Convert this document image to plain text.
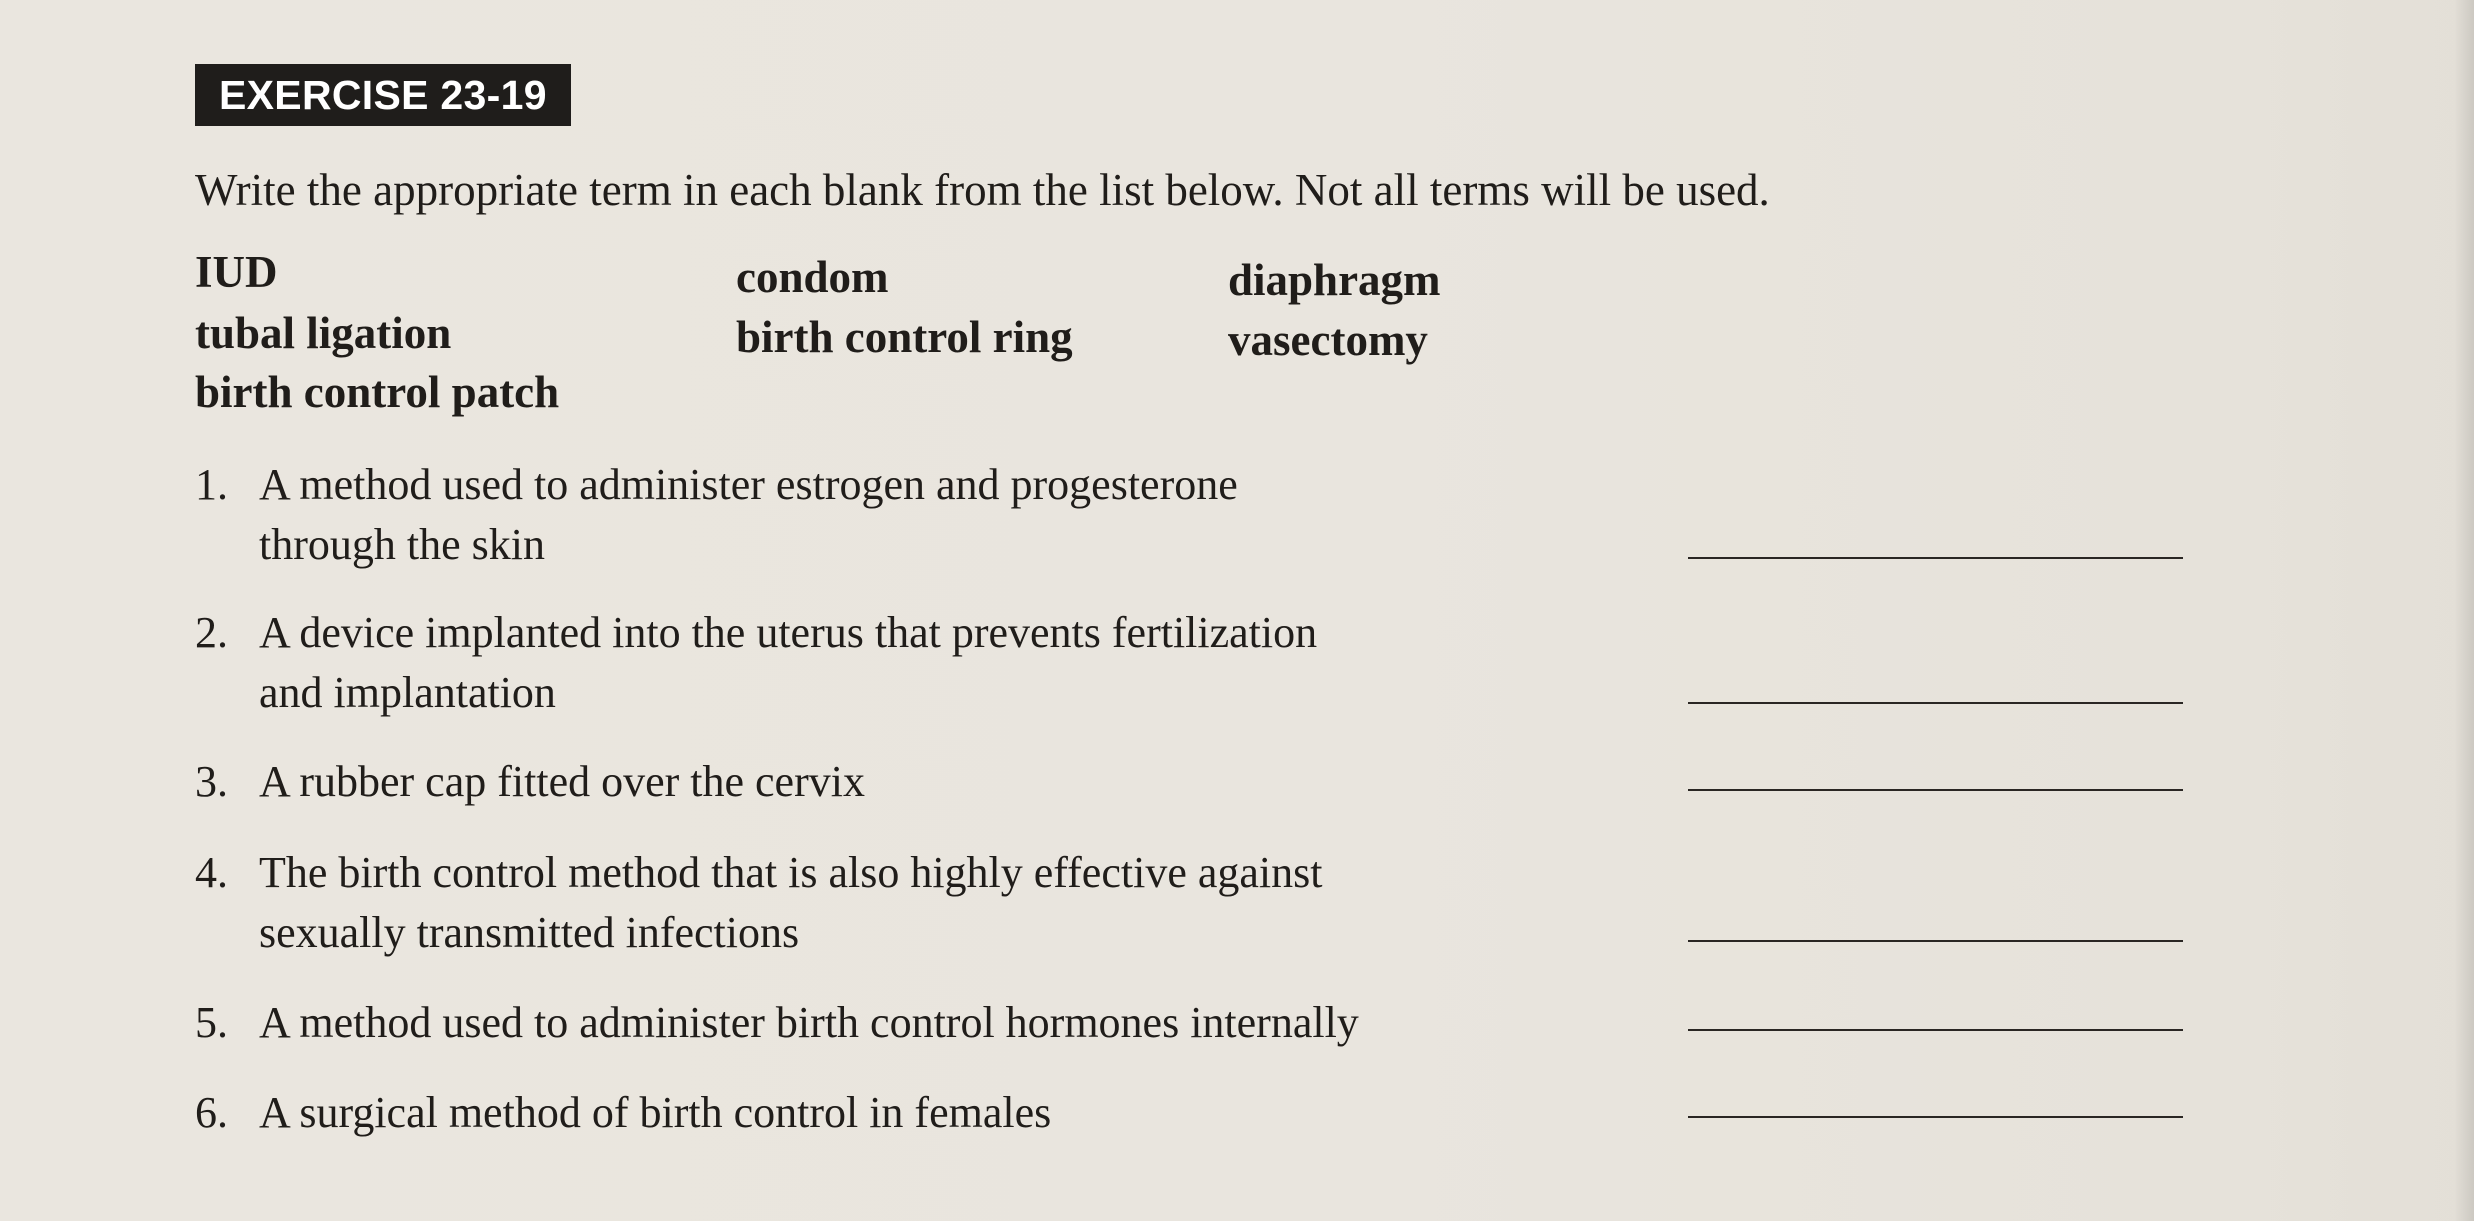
EXERCISE 23-19
Write the appropriate term in each blank from the list below. Not all terms will be used.
IUD	condom	diaphragm
tubal ligation	birth control ring	vasectomy
birth control patch
1. A method used to administer estrogen and progesterone
through the skin
2. A device implanted into the uterus that prevents fertilization
and implantation
3. A rubber cap fitted over the cervix
4. The birth control method that is also highly effective against
sexually transmitted infections
5. A method used to administer birth control hormones internally
6. A surgical method of birth control in females
